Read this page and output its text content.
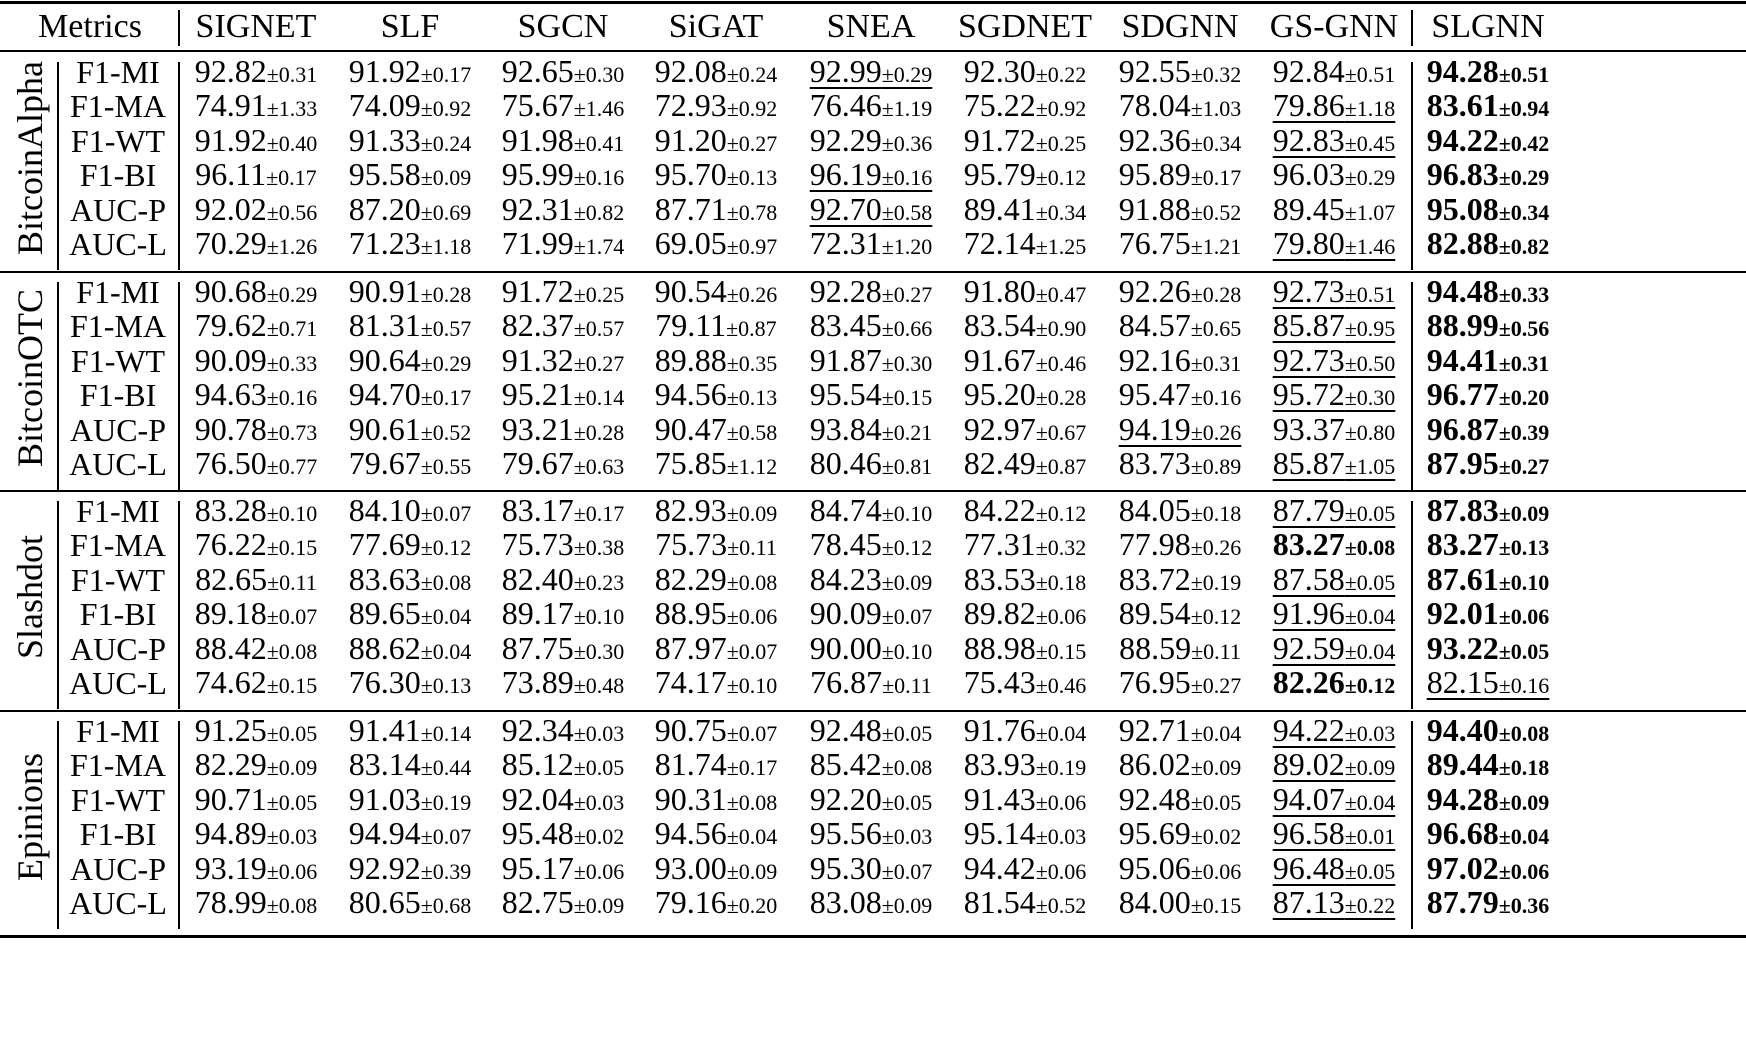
Metrics	SIGNET	SLF	SGCN	SiGAT	SNEA	SGDNET SDGNN GS-GNN SLGNN
BitcoinAlpha F1-MI	92.82±0.31 91.92±0.17 92.65±0.30 92.08±0.24	92.99±0.29 92.30±0.22	92.55±0.32 92.84±0.51 94.28±0.51
F1-MA 74.91±1.33 74.09±0.92 75.67±1.46 72.93±0.92	76.46±1.19 75.22±0.92	78.04±1.03 79.86±1.18 83.61±0.94
F1-WT 91.92±0.40 91.33±0.24 91.98±0.41 91.20±0.27	92.29±0.36 91.72±0.25	92.36±0.34 92.83±0.45 94.22±0.42
F1-BI	96.11±0.17	95.58±0.09 95.99±0.16 95.70±0.13	96.19±0.16 95.79±0.12	95.89±0.17 96.03±0.29 96.83±0.29
AUC-P 92.02±0.56 87.20±0.69 92.31±0.82 87.71±0.78	92.70±0.58 89.41±0.34	91.88±0.52 89.45±1.07 95.08±0.34
AUC-L 70.29±1.26 71.23±1.18 71.99±1.74 69.05±0.97	72.31±1.20 72.14±1.25	76.75±1.21 79.80±1.46 82.88±0.82
BitcoinOTC F1-MI	90.68±0.29 90.91±0.28 91.72±0.25 90.54±0.26	92.28±0.27 91.80±0.47	92.26±0.28 92.73±0.51 94.48±0.33
F1-MA 79.62±0.71 81.31±0.57 82.37±0.57 79.11±0.87	83.45±0.66 83.54±0.90	84.57±0.65 85.87±0.95 88.99±0.56
F1-WT 90.09±0.33 90.64±0.29 91.32±0.27 89.88±0.35	91.87±0.30 91.67±0.46	92.16±0.31 92.73±0.50 94.41±0.31
F1-BI	94.63±0.16 94.70±0.17 95.21±0.14 94.56±0.13	95.54±0.15 95.20±0.28	95.47±0.16 95.72±0.30 96.77±0.20
AUC-P 90.78±0.73 90.61±0.52 93.21±0.28 90.47±0.58	93.84±0.21 92.97±0.67	94.19±0.26 93.37±0.80 96.87±0.39
AUC-L 76.50±0.77 79.67±0.55 79.67±0.63 75.85±1.12	80.46±0.81 82.49±0.87	83.73±0.89 85.87±1.05 87.95±0.27
Slashdot
F1-MI	83.28±0.10 84.10±0.07 83.17±0.17 82.93±0.09	84.74±0.10 84.22±0.12	84.05±0.18 87.79±0.05 87.83±0.09
F1-MA 76.22±0.15 77.69±0.12 75.73±0.38 75.73±0.11	78.45±0.12 77.31±0.32	77.98±0.26 83.27±0.08 83.27±0.13
F1-WT 82.65±0.11 83.63±0.08 82.40±0.23 82.29±0.08	84.23±0.09 83.53±0.18	83.72±0.19 87.58±0.05 87.61±0.10
F1-BI	89.18±0.07 89.65±0.04 89.17±0.10 88.95±0.06	90.09±0.07 89.82±0.06	89.54±0.12 91.96±0.04 92.01±0.06
AUC-P 88.42±0.08 88.62±0.04 87.75±0.30 87.97±0.07	90.00±0.10 88.98±0.15	88.59±0.11 92.59±0.04 93.22±0.05
AUC-L 74.62±0.15 76.30±0.13 73.89±0.48 74.17±0.10	76.87±0.11 75.43±0.46	76.95±0.27 82.26±0.12 82.15±0.16
Epinions
F1-MI	91.25±0.05 91.41±0.14 92.34±0.03 90.75±0.07	92.48±0.05 91.76±0.04	92.71±0.04 94.22±0.03 94.40±0.08
F1-MA 82.29±0.09 83.14±0.44 85.12±0.05 81.74±0.17	85.42±0.08 83.93±0.19	86.02±0.09 89.02±0.09 89.44±0.18
F1-WT 90.71±0.05 91.03±0.19 92.04±0.03 90.31±0.08	92.20±0.05 91.43±0.06	92.48±0.05 94.07±0.04 94.28±0.09
F1-BI	94.89±0.03 94.94±0.07 95.48±0.02 94.56±0.04	95.56±0.03 95.14±0.03	95.69±0.02 96.58±0.01 96.68±0.04
AUC-P 93.19±0.06 92.92±0.39 95.17±0.06 93.00±0.09	95.30±0.07 94.42±0.06	95.06±0.06 96.48±0.05 97.02±0.06
AUC-L 78.99±0.08 80.65±0.68 82.75±0.09 79.16±0.20	83.08±0.09 81.54±0.52	84.00±0.15 87.13±0.22 87.79±0.36
